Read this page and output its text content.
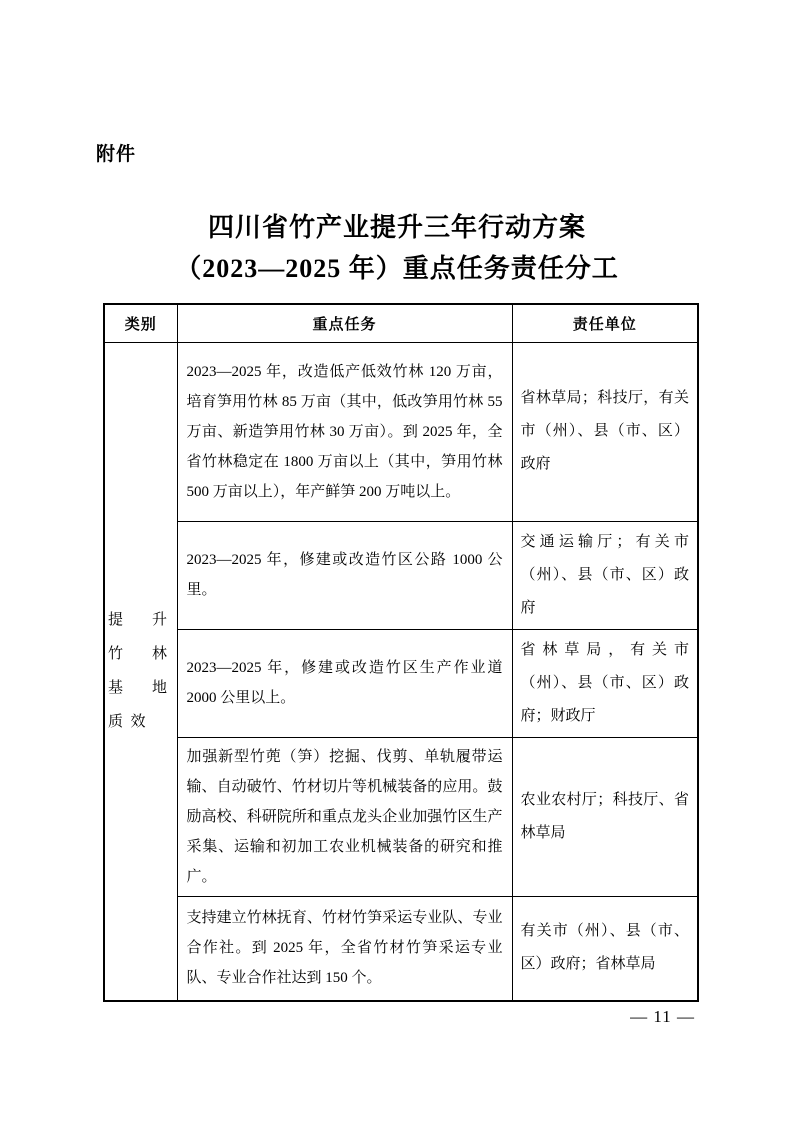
附件
四川省竹产业提升三年行动方案
（2023—2025 年）重点任务责任分工
类别	重点任务	责任单位
提升竹林基地质效	2023—2025 年，改造低产低效竹林 120 万亩，培育笋用竹林 85 万亩（其中，低改笋用竹林 55 万亩、新造笋用竹林 30 万亩）。到 2025 年，全省竹林稳定在 1800 万亩以上（其中，笋用竹林 500 万亩以上），年产鲜笋 200 万吨以上。	省林草局；科技厅，有关市（州）、县（市、区）政府
	2023—2025 年，修建或改造竹区公路 1000 公里。	交通运输厅；有关市（州）、县（市、区）政府
	2023—2025 年，修建或改造竹区生产作业道 2000 公里以上。	省林草局，有关市（州）、县（市、区）政府；财政厅
	加强新型竹蔸（笋）挖掘、伐剪、单轨履带运输、自动破竹、竹材切片等机械装备的应用。鼓励高校、科研院所和重点龙头企业加强竹区生产采集、运输和初加工农业机械装备的研究和推广。	农业农村厅；科技厅、省林草局
	支持建立竹林抚育、竹材竹笋采运专业队、专业合作社。到 2025 年，全省竹材竹笋采运专业队、专业合作社达到 150 个。	有关市（州）、县（市、区）政府；省林草局
— 11 —
